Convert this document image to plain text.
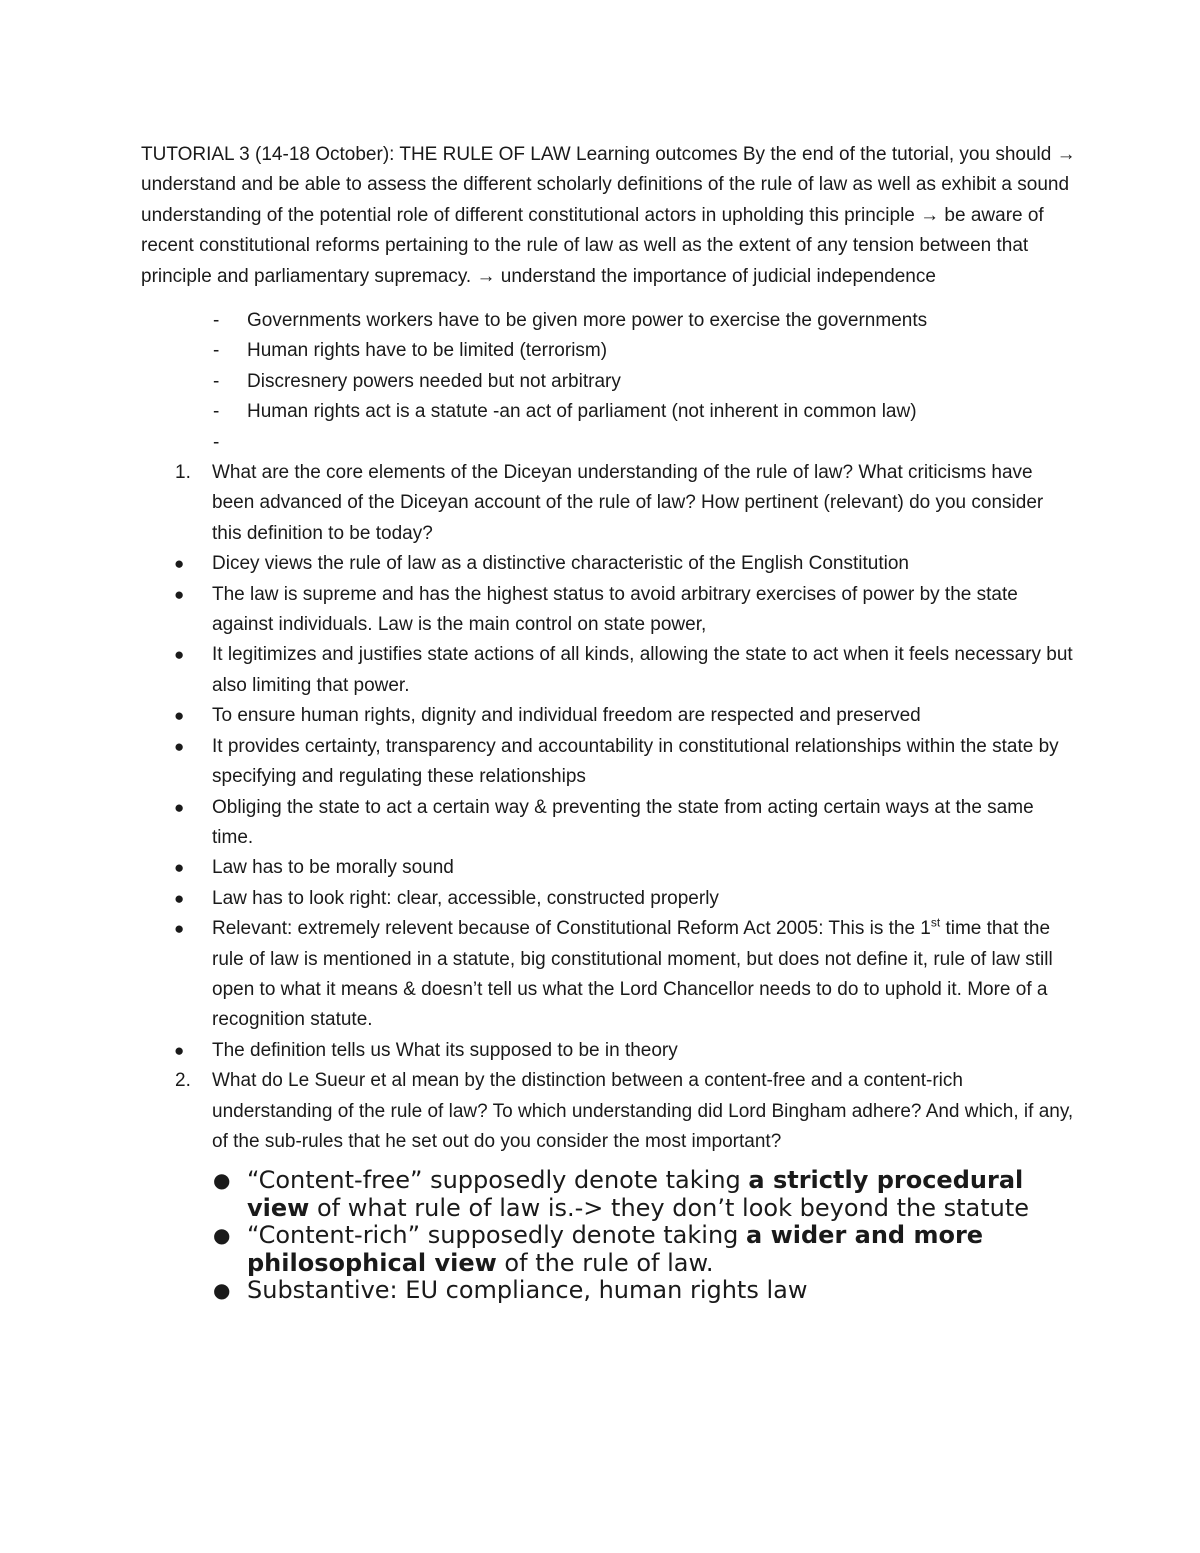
TUTORIAL 3 (14-18 October): THE RULE OF LAW Learning outcomes By the end of the tutorial, you should → understand and be able to assess the different scholarly definitions of the rule of law as well as exhibit a sound understanding of the potential role of different constitutional actors in upholding this principle → be aware of recent constitutional reforms pertaining to the rule of law as well as the extent of any tension between that principle and parliamentary supremacy. → understand the importance of judicial independence

- Governments workers have to be given more power to exercise the governments
- Human rights have to be limited (terrorism)
- Discresnery powers needed but not arbitrary
- Human rights act is a statute -an act of parliament (not inherent in common law)
-
1. What are the core elements of the Diceyan understanding of the rule of law? What criticisms have been advanced of the Diceyan account of the rule of law? How pertinent (relevant) do you consider this definition to be today?
● Dicey views the rule of law as a distinctive characteristic of the English Constitution
● The law is supreme and has the highest status to avoid arbitrary exercises of power by the state against individuals. Law is the main control on state power,
● It legitimizes and justifies state actions of all kinds, allowing the state to act when it feels necessary but also limiting that power.
● To ensure human rights, dignity and individual freedom are respected and preserved
● It provides certainty, transparency and accountability in constitutional relationships within the state by specifying and regulating these relationships
● Obliging the state to act a certain way & preventing the state from acting certain ways at the same time.
● Law has to be morally sound
● Law has to look right: clear, accessible, constructed properly
● Relevant: extremely relevent because of Constitutional Reform Act 2005: This is the 1st time that the rule of law is mentioned in a statute, big constitutional moment, but does not define it, rule of law still open to what it means & doesn’t tell us what the Lord Chancellor needs to do to uphold it. More of a recognition statute.
● The definition tells us What its supposed to be in theory
2. What do Le Sueur et al mean by the distinction between a content-free and a content-rich understanding of the rule of law? To which understanding did Lord Bingham adhere? And which, if any, of the sub-rules that he set out do you consider the most important?
● “Content-free” supposedly denote taking a strictly procedural view of what rule of law is.-> they don’t look beyond the statute
● “Content-rich” supposedly denote taking a wider and more philosophical view of the rule of law.
● Substantive: EU compliance, human rights law
